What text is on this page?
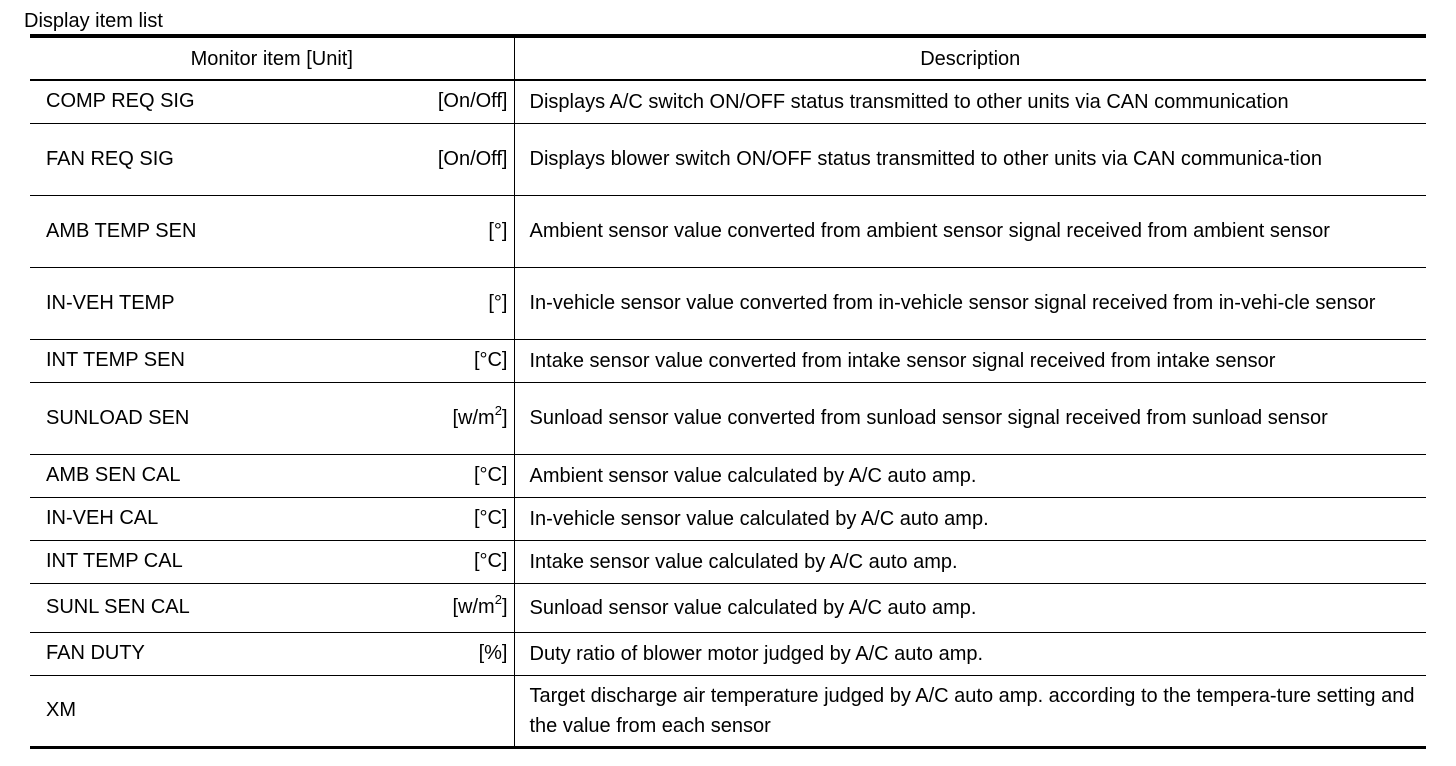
Display item list
Monitor item [Unit]	Description

COMP REQ SIG [On/Off]	Displays A/C switch ON/OFF status transmitted to other units via CAN communication

FAN REQ SIG [On/Off]	Displays blower switch ON/OFF status transmitted to other units via CAN communica-tion

AMB TEMP SEN [°]	Ambient sensor value converted from ambient sensor signal received from ambient sensor

IN-VEH TEMP [°]	In-vehicle sensor value converted from in-vehicle sensor signal received from in-vehi-cle sensor

INT TEMP SEN [°C]	Intake sensor value converted from intake sensor signal received from intake sensor

SUNLOAD SEN $[w/m^2]$	Sunload sensor value converted from sunload sensor signal received from sunload sensor

AMB SEN CAL [°C]	Ambient sensor value calculated by A/C auto amp.

IN-VEH CAL [°C]	In-vehicle sensor value calculated by A/C auto amp.

INT TEMP CAL [°C]	Intake sensor value calculated by A/C auto amp.

SUNL SEN CAL $[w/m^2]$	Sunload sensor value calculated by A/C auto amp.

FAN DUTY [%]	Duty ratio of blower motor judged by A/C auto amp.

XM	Target discharge air temperature judged by A/C auto amp. according to the tempera-ture setting and the value from each sensor
